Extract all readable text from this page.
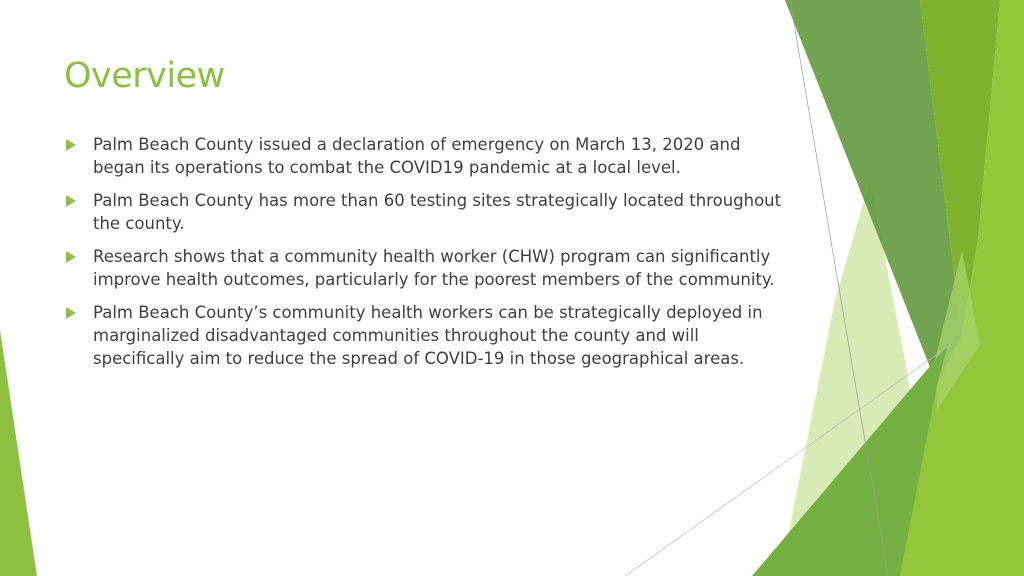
Overview
Palm Beach County issued a declaration of emergency on March 13, 2020 and began its operations to combat the COVID19 pandemic at a local level.
Palm Beach County has more than 60 testing sites strategically located throughout the county.
Research shows that a community health worker (CHW) program can significantly improve health outcomes, particularly for the poorest members of the community.
Palm Beach County’s community health workers can be strategically deployed in marginalized disadvantaged communities throughout the county and will specifically aim to reduce the spread of COVID-19 in those geographical areas.
